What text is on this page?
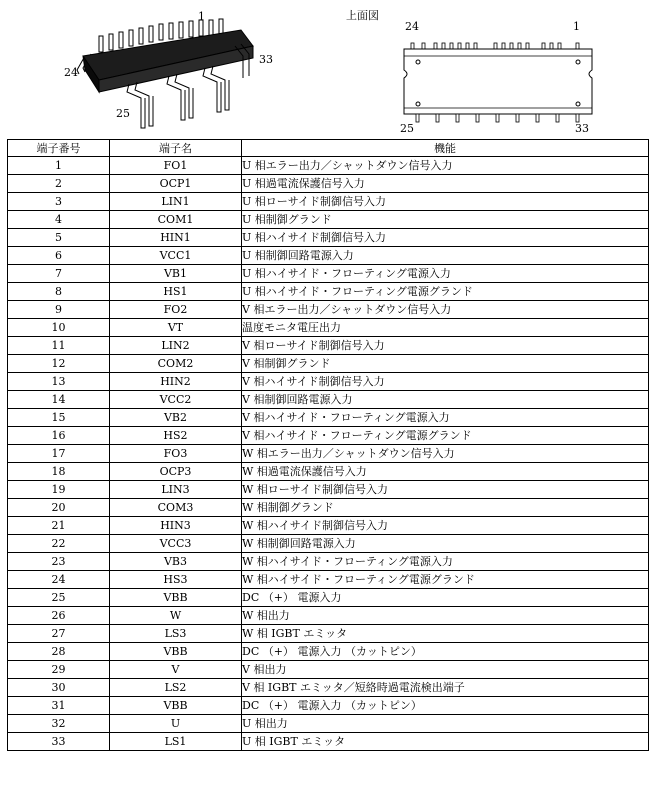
1
24
33
25
上面図
24	1
25	33
端子番号	端子名	機能
1	FO1	U 相エラー出力／シャットダウン信号入力
2	OCP1	U 相過電流保護信号入力
3	LIN1	U 相ローサイド制御信号入力
4	COM1	U 相制御グランド
5	HIN1	U 相ハイサイド制御信号入力
6	VCC1	U 相制御回路電源入力
7	VB1	U 相ハイサイド・フローティング電源入力
8	HS1	U 相ハイサイド・フローティング電源グランド
9	FO2	V 相エラー出力／シャットダウン信号入力
10	VT	温度モニタ電圧出力
11	LIN2	V 相ローサイド制御信号入力
12	COM2	V 相制御グランド
13	HIN2	V 相ハイサイド制御信号入力
14	VCC2	V 相制御回路電源入力
15	VB2	V 相ハイサイド・フローティング電源入力
16	HS2	V 相ハイサイド・フローティング電源グランド
17	FO3	W 相エラー出力／シャットダウン信号入力
18	OCP3	W 相過電流保護信号入力
19	LIN3	W 相ローサイド制御信号入力
20	COM3	W 相制御グランド
21	HIN3	W 相ハイサイド制御信号入力
22	VCC3	W 相制御回路電源入力
23	VB3	W 相ハイサイド・フローティング電源入力
24	HS3	W 相ハイサイド・フローティング電源グランド
25	VBB	DC （+） 電源入力
26	W	W 相出力
27	LS3	W 相 IGBT エミッタ
28	VBB	DC （+） 電源入力 （カットピン）
29	V	V 相出力
30	LS2	V 相 IGBT エミッタ／短絡時過電流検出端子
31	VBB	DC （+） 電源入力 （カットピン）
32	U	U 相出力
33	LS1	U 相 IGBT エミッタ
